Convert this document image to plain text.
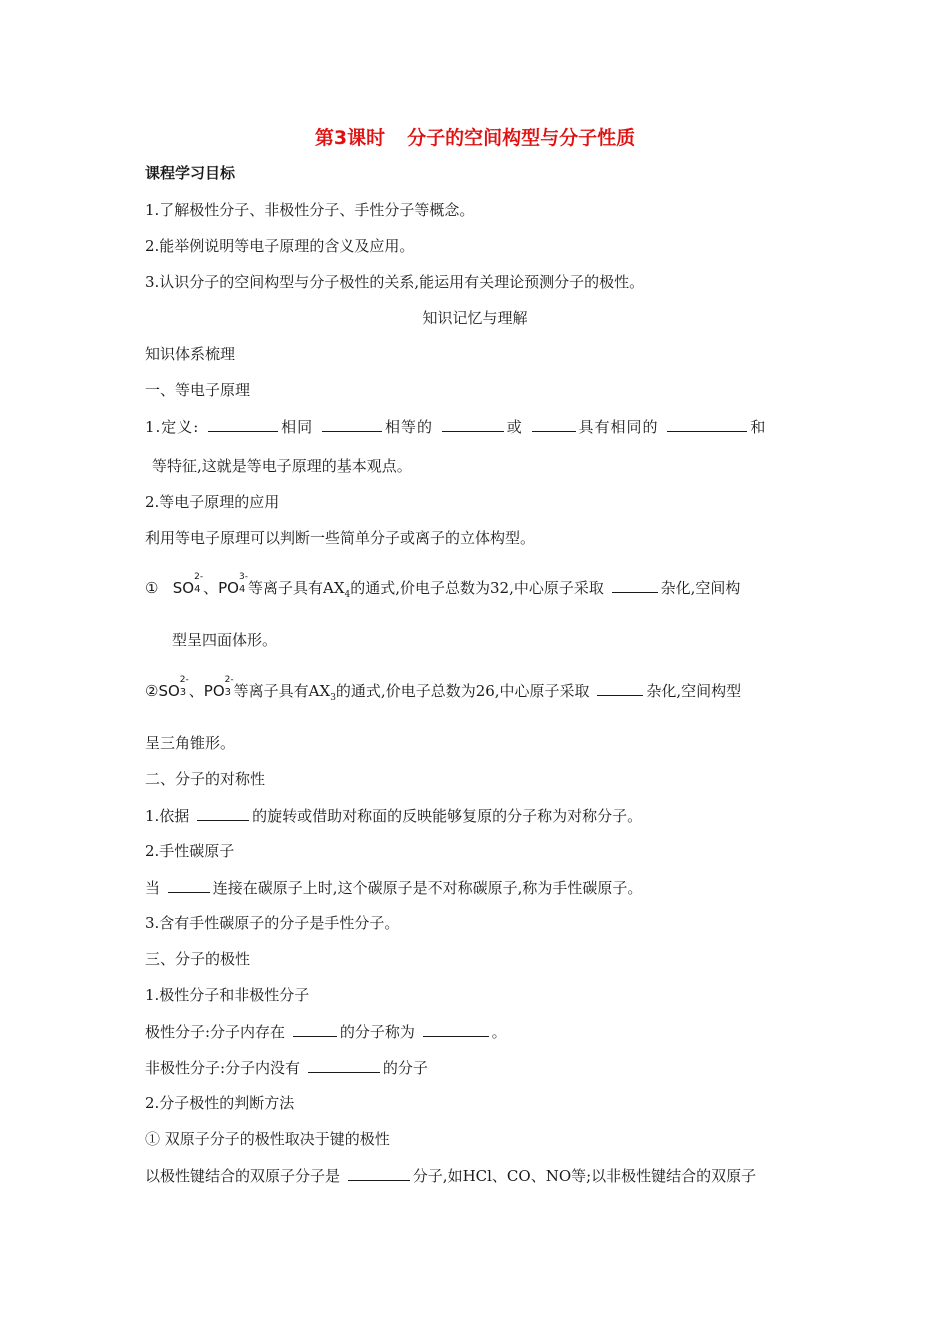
第3课时 分子的空间构型与分子性质
课程学习目标
1.了解极性分子、非极性分子、手性分子等概念。
2.能举例说明等电子原理的含义及应用。
3.认识分子的空间构型与分子极性的关系,能运用有关理论预测分子的极性。
知识记忆与理解
知识体系梳理
一、等电子原理
1.定义:	相同	相等的	或	具有相同的	和
等特征,这就是等电子原理的基本观点。
2.等电子原理的应用
利用等电子原理可以判断一些简单分子或离子的立体构型。
① SO
2-
4 、PO
3-
4 等离子具有$AX_4$的通式,价电子总数为32,中心原子采取	杂化,空间构
型呈四面体形。
②SO
2-
3 、PO
2-
3 等离子具有$AX_3$的通式,价电子总数为26,中心原子采取	杂化,空间构型
呈三角锥形。
二、分子的对称性
1.依据	的旋转或借助对称面的反映能够复原的分子称为对称分子。
2.手性碳原子
当	连接在碳原子上时,这个碳原子是不对称碳原子,称为手性碳原子。
3.含有手性碳原子的分子是手性分子。
三、分子的极性
1.极性分子和非极性分子
极性分子:分子内存在	的分子称为	。
非极性分子:分子内没有	的分子
2.分子极性的判断方法
① 双原子分子的极性取决于键的极性
以极性键结合的双原子分子是	分子,如HCl、CO、NO等;以非极性键结合的双原子
